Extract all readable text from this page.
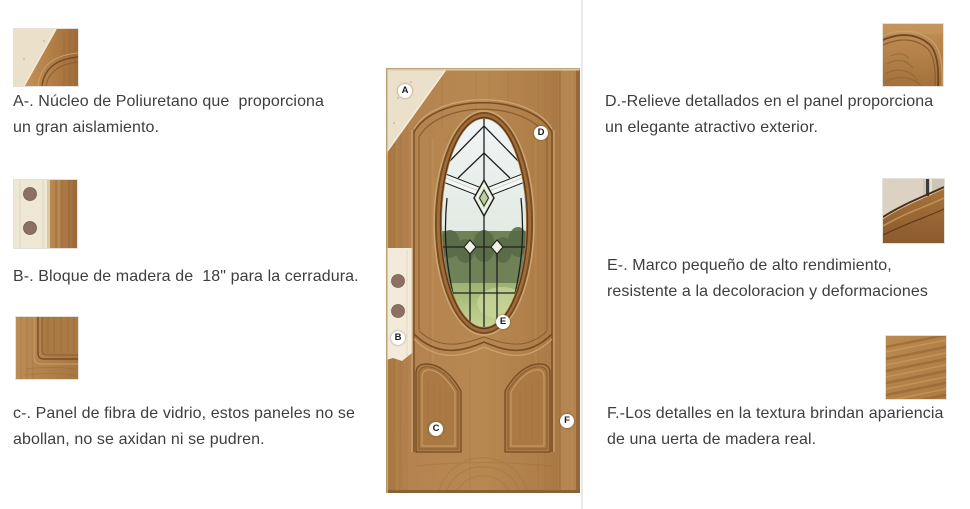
A-. Núcleo de Poliuretano que  proporciona
un gran aislamiento.
B-. Bloque de madera de  18" para la cerradura.
c-. Panel de fibra de vidrio, estos paneles no se
abollan, no se axidan ni se pudren.
D.-Relieve detallados en el panel proporciona
un elegante atractivo exterior.
E-. Marco pequeño de alto rendimiento,
resistente a la decoloracion y deformaciones
F.-Los detalles en la textura brindan apariencia
de una uerta de madera real.
A
B
C
D
E
F
